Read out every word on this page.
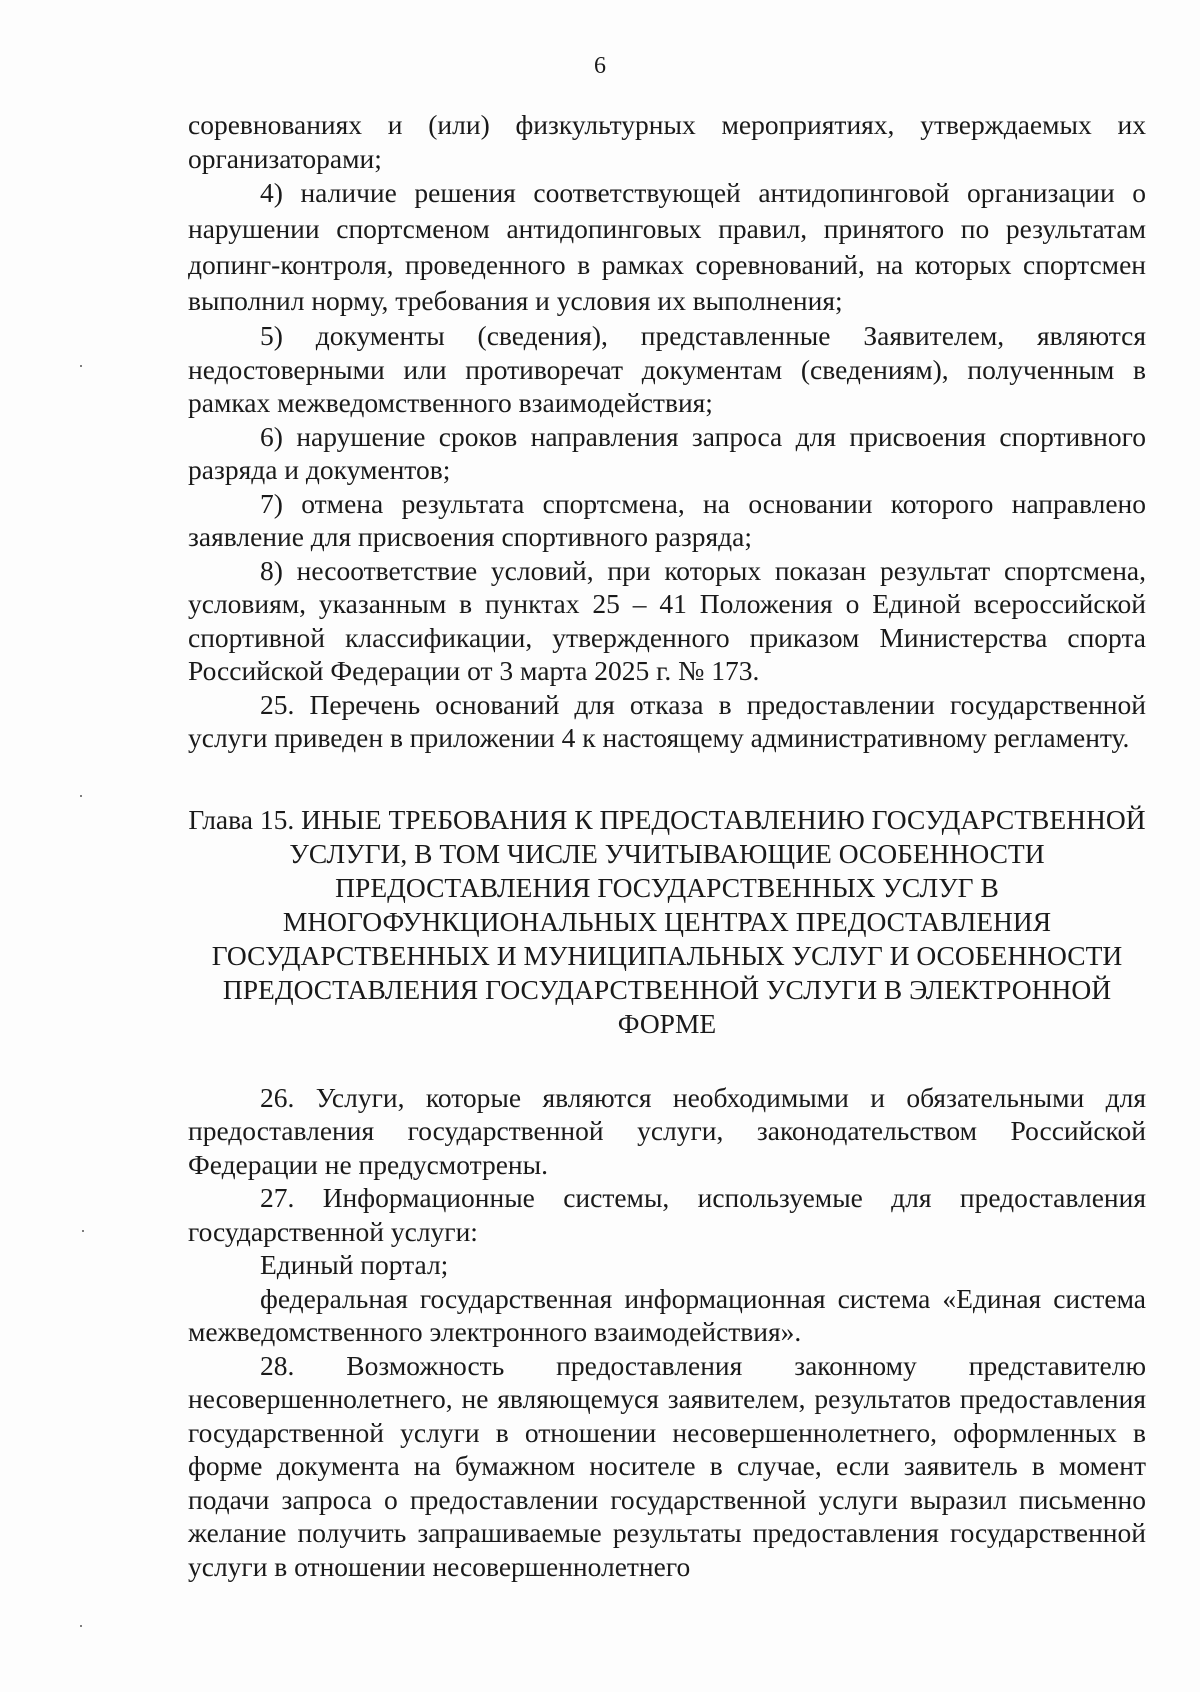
6

соревнованиях и (или) физкультурных мероприятиях, утверждаемых их организаторами;

4) наличие решения соответствующей антидопинговой организации о нарушении спортсменом антидопинговых правил, принятого по результатам допинг-контроля, проведенного в рамках соревнований, на которых спортсмен выполнил норму, требования и условия их выполнения;

5) документы (сведения), представленные Заявителем, являются недостоверными или противоречат документам (сведениям), полученным в рамках межведомственного взаимодействия;

6) нарушение сроков направления запроса для присвоения спортивного разряда и документов;

7) отмена результата спортсмена, на основании которого направлено заявление для присвоения спортивного разряда;

8) несоответствие условий, при которых показан результат спортсмена, условиям, указанным в пунктах 25 – 41 Положения о Единой всероссийской спортивной классификации, утвержденного приказом Министерства спорта Российской Федерации от 3 марта 2025 г. № 173.

25. Перечень оснований для отказа в предоставлении государственной услуги приведен в приложении 4 к настоящему административному регламенту.

Глава 15. ИНЫЕ ТРЕБОВАНИЯ К ПРЕДОСТАВЛЕНИЮ ГОСУДАРСТВЕННОЙ УСЛУГИ, В ТОМ ЧИСЛЕ УЧИТЫВАЮЩИЕ ОСОБЕННОСТИ ПРЕДОСТАВЛЕНИЯ ГОСУДАРСТВЕННЫХ УСЛУГ В МНОГОФУНКЦИОНАЛЬНЫХ ЦЕНТРАХ ПРЕДОСТАВЛЕНИЯ ГОСУДАРСТВЕННЫХ И МУНИЦИПАЛЬНЫХ УСЛУГ И ОСОБЕННОСТИ ПРЕДОСТАВЛЕНИЯ ГОСУДАРСТВЕННОЙ УСЛУГИ В ЭЛЕКТРОННОЙ ФОРМЕ

26. Услуги, которые являются необходимыми и обязательными для предоставления государственной услуги, законодательством Российской Федерации не предусмотрены.

27. Информационные системы, используемые для предоставления государственной услуги:

Единый портал;

федеральная государственная информационная система «Единая система межведомственного электронного взаимодействия».

28. Возможность предоставления законному представителю несовершеннолетнего, не являющемуся заявителем, результатов предоставления государственной услуги в отношении несовершеннолетнего, оформленных в форме документа на бумажном носителе в случае, если заявитель в момент подачи запроса о предоставлении государственной услуги выразил письменно желание получить запрашиваемые результаты предоставления государственной услуги в отношении несовершеннолетнего
